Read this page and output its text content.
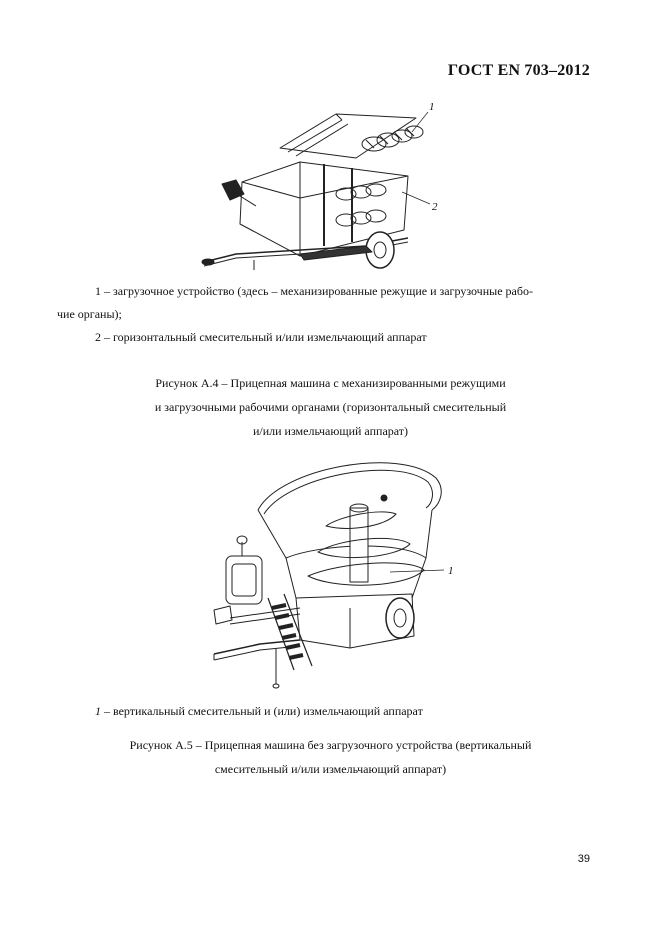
ГОСТ EN 703–2012
1
2
1 – загрузочное устройство (здесь – механизированные режущие и загрузочные рабо-
чие органы);
2 – горизонтальный смесительный и/или измельчающий аппарат
Рисунок А.4 – Прицепная машина с механизированными режущими
и загрузочными рабочими органами (горизонтальный смесительный
и/или измельчающий аппарат)
1
1 – вертикальный смесительный и (или) измельчающий аппарат
Рисунок А.5 – Прицепная машина без загрузочного устройства (вертикальный
смесительный и/или измельчающий аппарат)
39
